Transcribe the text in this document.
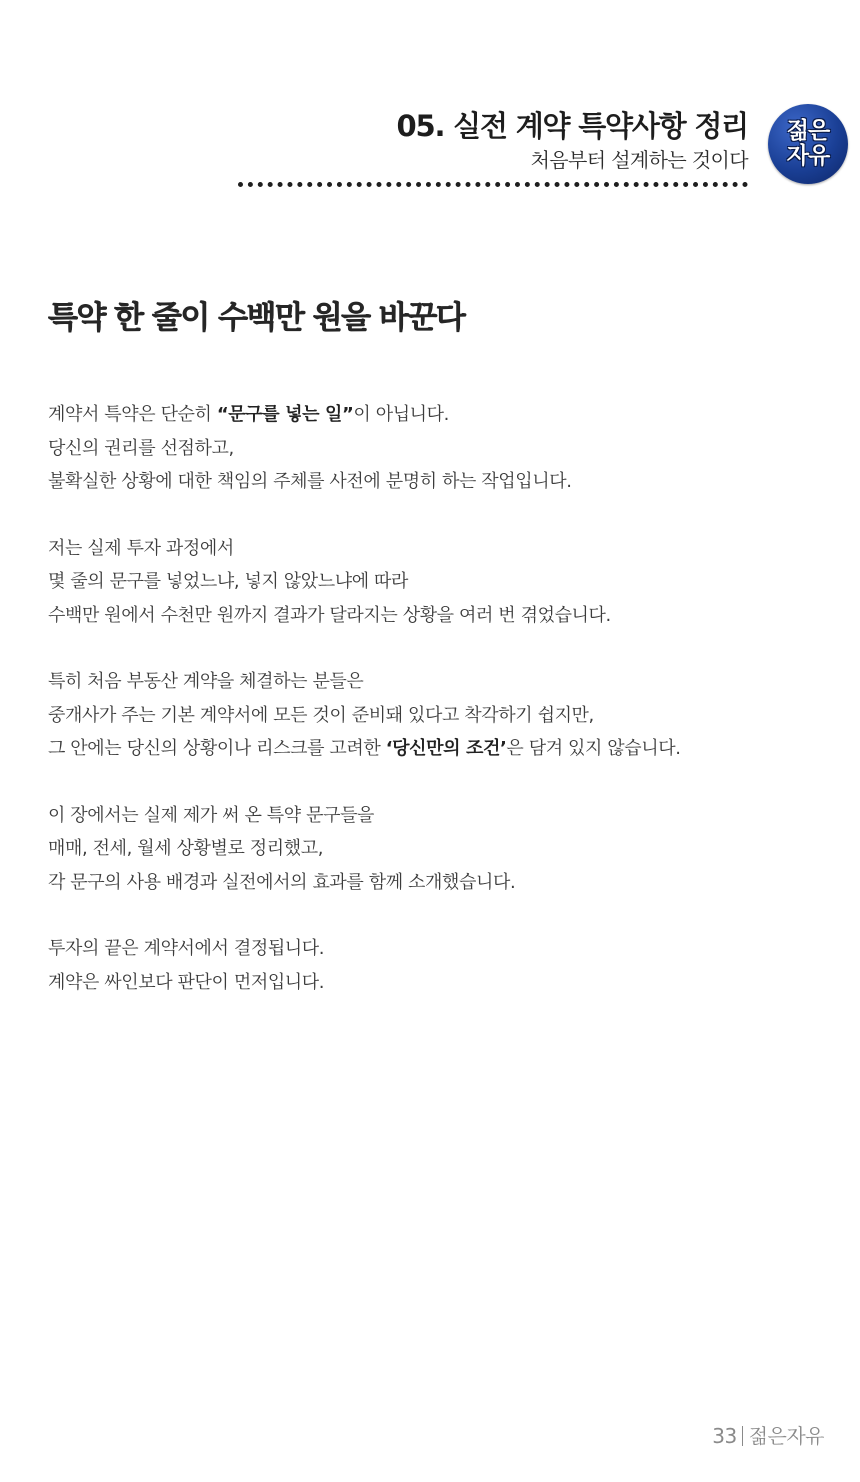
05. 실전 계약 특약사항 정리
처음부터 설계하는 것이다
젊은
자유
특약 한 줄이 수백만 원을 바꾼다
계약서 특약은 단순히 “문구를 넣는 일”이 아닙니다.
당신의 권리를 선점하고,
불확실한 상황에 대한 책임의 주체를 사전에 분명히 하는 작업입니다.
저는 실제 투자 과정에서
몇 줄의 문구를 넣었느냐, 넣지 않았느냐에 따라
수백만 원에서 수천만 원까지 결과가 달라지는 상황을 여러 번 겪었습니다.
특히 처음 부동산 계약을 체결하는 분들은
중개사가 주는 기본 계약서에 모든 것이 준비돼 있다고 착각하기 쉽지만,
그 안에는 당신의 상황이나 리스크를 고려한 ‘당신만의 조건’은 담겨 있지 않습니다.
이 장에서는 실제 제가 써 온 특약 문구들을
매매, 전세, 월세 상황별로 정리했고,
각 문구의 사용 배경과 실전에서의 효과를 함께 소개했습니다.
투자의 끝은 계약서에서 결정됩니다.
계약은 싸인보다 판단이 먼저입니다.
33 젊은자유
